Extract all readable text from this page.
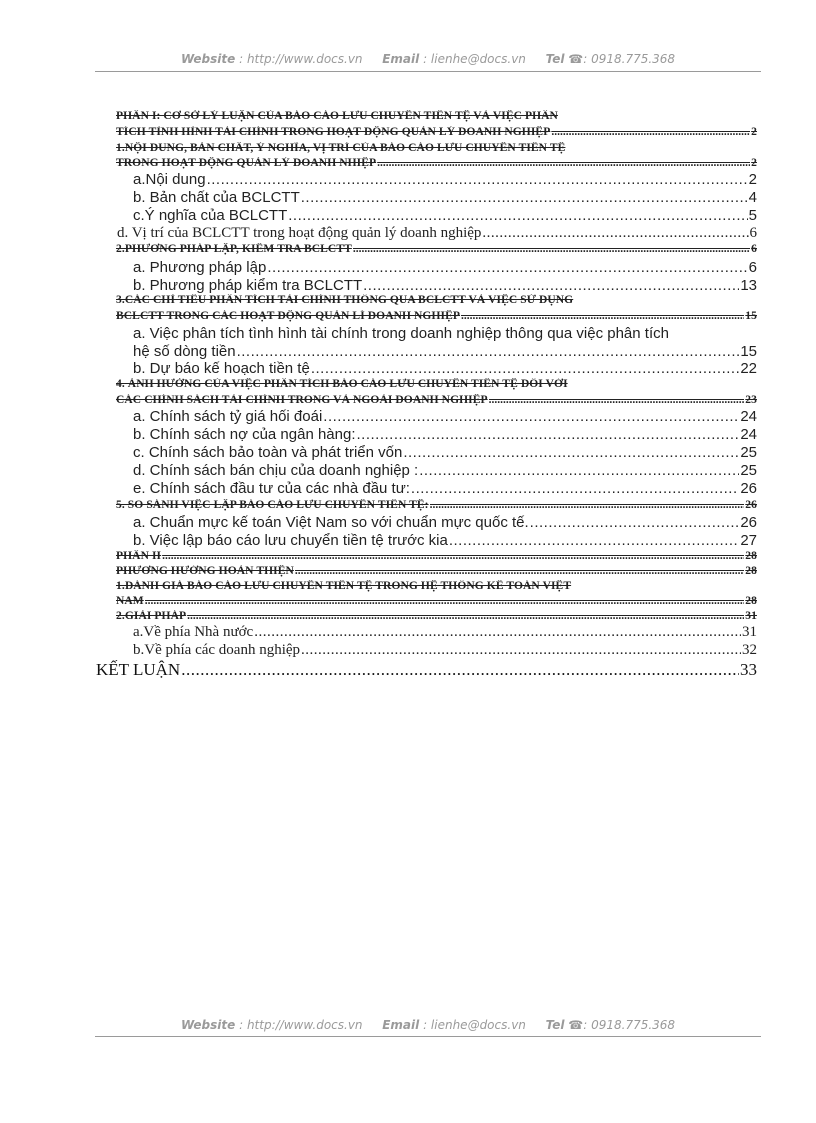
Website : http://www.docs.vn Email : lienhe@docs.vn Tel ☎: 0918.775.368
PHẦN I: CƠ SỞ LÝ LUẬN CỦA BÁO CÁO LƯU CHUYỂN TIỀN TỆ VÀ VIỆC PHÂN
TÍCH TÌNH HÌNH TÀI CHÍNH TRONG HOẠT ĐỘNG QUẢN LÝ DOANH NGHIỆP .....	2
1.NỘI DUNG, BẢN CHẤT, Ý NGHĨA, VỊ TRÍ CỦA BÁO CÁO LƯU CHUYỂN TIỀN TỆ
TRONG HOẠT ĐỘNG QUẢN LÝ DOANH NHIỆP .....	2
a.Nội dung .....	2
b. Bản chất của BCLCTT .....	4
c.Ý nghĩa của BCLCTT .....	5
d. Vị trí của BCLCTT trong hoạt động quản lý doanh nghiệp .....	6
2.PHƯƠNG PHÁP LẬP, KIỂM TRA BCLCTT .....	6
a. Phương pháp lập .....	6
b. Phương pháp kiểm tra BCLCTT .....	13
3.CÁC CHỈ TIÊU PHÂN TÍCH TÀI CHÍNH THÔNG QUA BCLCTT VÀ VIỆC SỬ DỤNG
BCLCTT TRONG CÁC HOẠT ĐỘNG QUẢN LÍ DOANH NGHIỆP .....	15
a. Việc phân tích tình hình tài chính trong doanh nghiệp thông qua việc phân tích
hệ số dòng tiền .....	15
b. Dự báo kế hoạch tiền tệ .....	22
4. ẢNH HƯỞNG CỦA VIỆC PHÂN TÍCH BÁO CÁO LƯU CHUYỂN TIỀN TỆ ĐỐI VỚI
CÁC CHÍNH SÁCH TÀI CHÍNH TRONG VÀ NGOÀI DOANH NGHIỆP .....	23
a. Chính sách tỷ giá hối đoái .....	24
b. Chính sách nợ của ngân hàng: .....	24
c. Chính sách bảo toàn và phát triển vốn .....	25
d. Chính sách bán chịu của doanh nghiệp : .....	25
e. Chính sách đầu tư của các nhà đầu tư: .....	26
5. SO SÁNH VIỆC LẬP BÁO CÁO LƯU CHUYỂN TIỀN TỆ: .....	26
a. Chuẩn mực kế toán Việt Nam so với chuẩn mực quốc tế. .....	26
b. Việc lập báo cáo lưu chuyển tiền tệ trước kia .....	27
PHẦN II .....	28
PHƯƠNG HƯỚNG HOÀN THIỆN .....	28
1.ĐÁNH GIÁ BÁO CÁO LƯU CHUYỂN TIỀN TỆ TRONG HỆ THỐNG KẾ TOÁN VIỆT
NAM .....	28
2.GIẢI PHÁP .....	31
a.Về phía Nhà nước .....	31
b.Về phía các doanh nghiệp .....	32
KẾT LUẬN .....	33
Website : http://www.docs.vn Email : lienhe@docs.vn Tel ☎: 0918.775.368
